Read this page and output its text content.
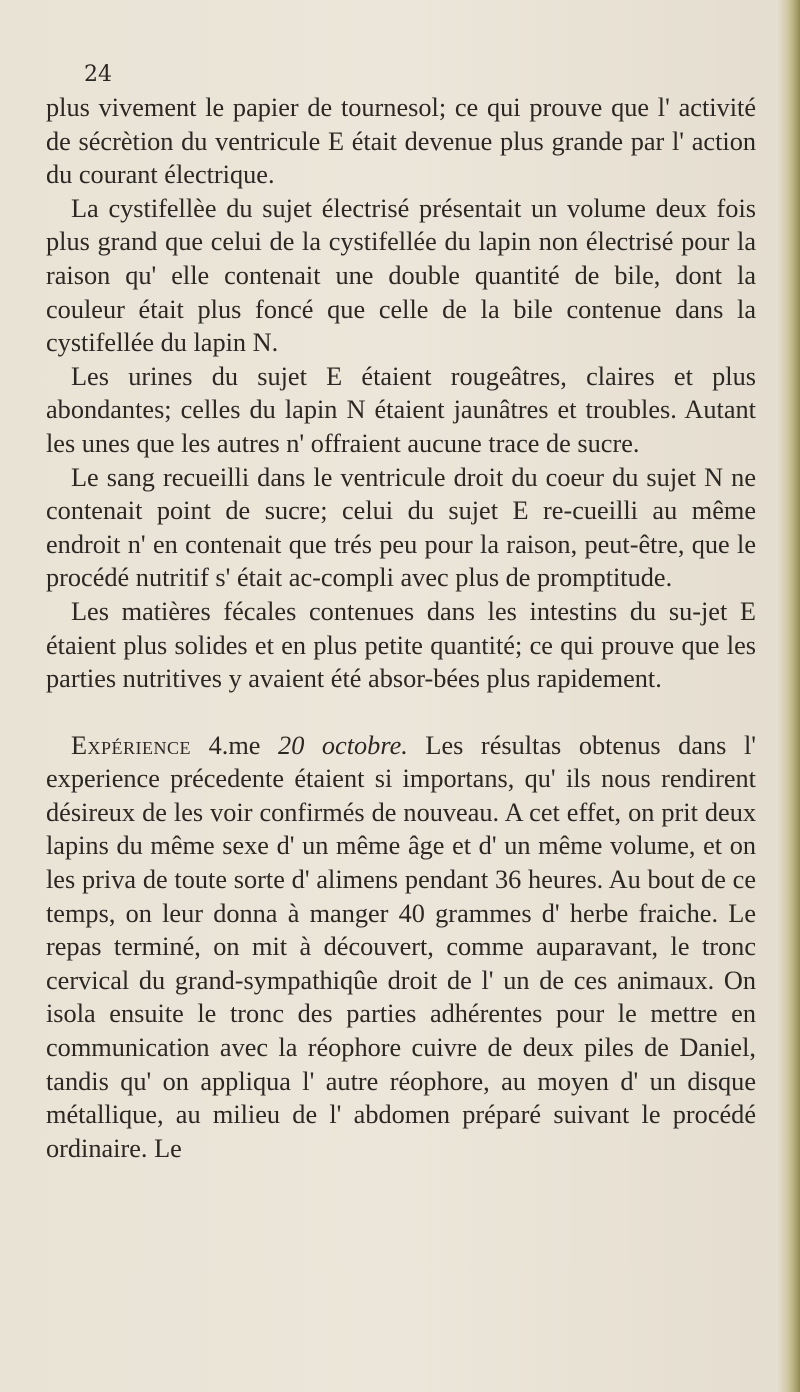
24

plus vivement le papier de tournesol; ce qui prouve que l' activité de sécrètion du ventricule E était devenue plus grande par l' action du courant électrique.

La cystifellèe du sujet électrisé présentait un volume deux fois plus grand que celui de la cystifellée du lapin non électrisé pour la raison qu' elle contenait une double quantité de bile, dont la couleur était plus foncé que celle de la bile contenue dans la cystifellée du lapin N.

Les urines du sujet E étaient rougeâtres, claires et plus abondantes; celles du lapin N étaient jaunâtres et troubles. Autant les unes que les autres n' offraient aucune trace de sucre.

Le sang recueilli dans le ventricule droit du coeur du sujet N ne contenait point de sucre; celui du sujet E re-cueilli au même endroit n' en contenait que trés peu pour la raison, peut-être, que le procédé nutritif s' était ac-compli avec plus de promptitude.

Les matières fécales contenues dans les intestins du su-jet E étaient plus solides et en plus petite quantité; ce qui prouve que les parties nutritives y avaient été absor-bées plus rapidement.

Expérience 4.me 20 octobre. Les résultas obtenus dans l' experience précedente étaient si importans, qu' ils nous rendirent désireux de les voir confirmés de nouveau. A cet effet, on prit deux lapins du même sexe d' un même âge et d' un même volume, et on les priva de toute sorte d' alimens pendant 36 heures. Au bout de ce temps, on leur donna à manger 40 grammes d' herbe fraiche. Le repas terminé, on mit à découvert, comme auparavant, le tronc cervical du grand-sympathiqûe droit de l' un de ces animaux. On isola ensuite le tronc des parties adhérentes pour le mettre en communication avec la réophore cuivre de deux piles de Daniel, tandis qu' on appliqua l' autre réophore, au moyen d' un disque métallique, au milieu de l' abdomen préparé suivant le procédé ordinaire. Le
